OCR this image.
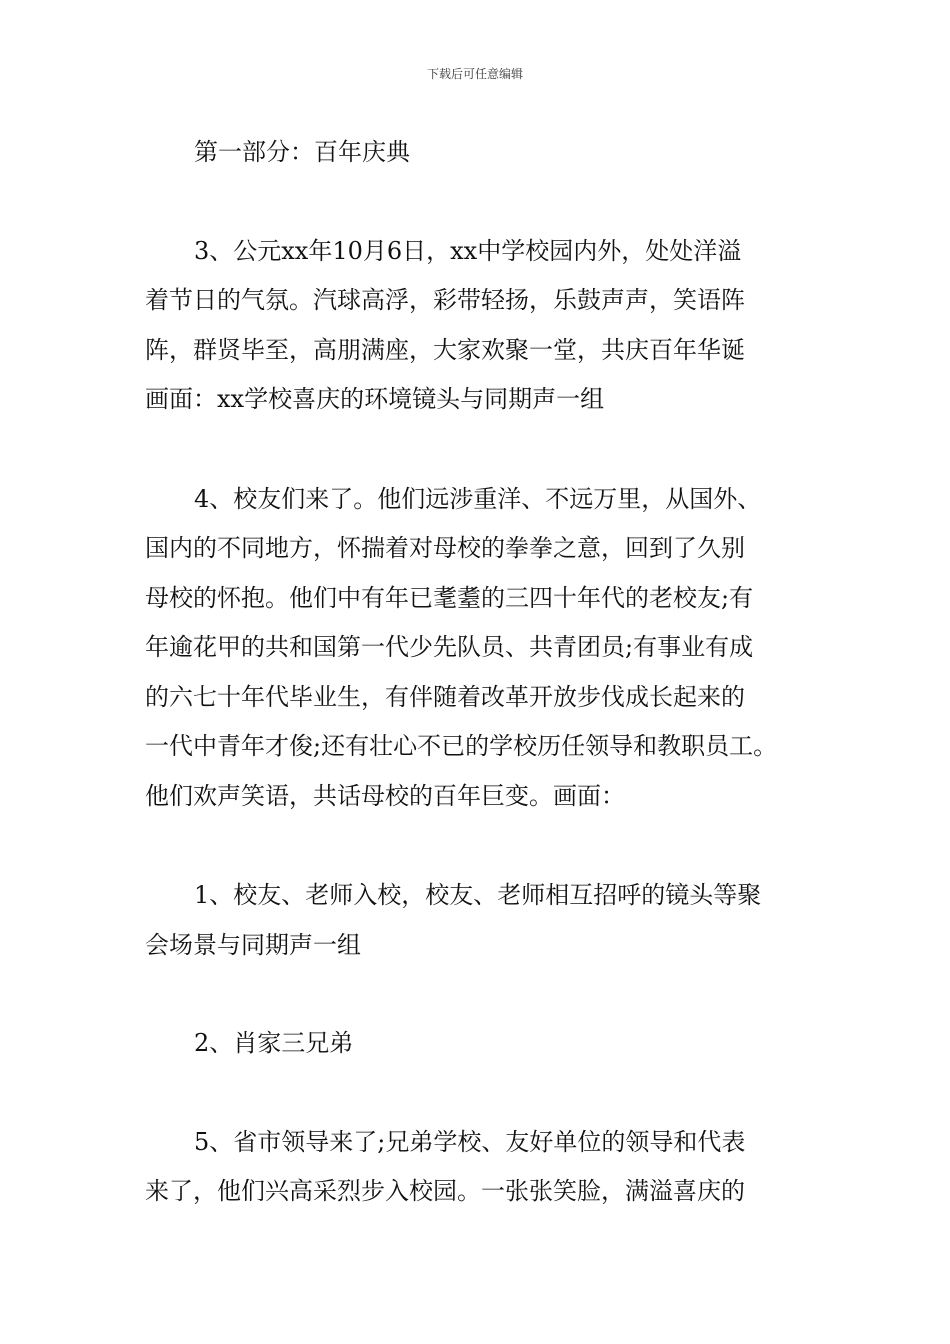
下载后可任意编辑

第一部分：百年庆典

3、公元xx年10月6日，xx中学校园内外，处处洋溢
着节日的气氛。汽球高浮，彩带轻扬，乐鼓声声，笑语阵
阵，群贤毕至，高朋满座，大家欢聚一堂，共庆百年华诞
画面：xx学校喜庆的环境镜头与同期声一组

4、校友们来了。他们远涉重洋、不远万里，从国外、
国内的不同地方，怀揣着对母校的拳拳之意，回到了久别
母校的怀抱。他们中有年已耄耋的三四十年代的老校友;有
年逾花甲的共和国第一代少先队员、共青团员;有事业有成
的六七十年代毕业生，有伴随着改革开放步伐成长起来的
一代中青年才俊;还有壮心不已的学校历任领导和教职员工。
他们欢声笑语，共话母校的百年巨变。画面：

1、校友、老师入校，校友、老师相互招呼的镜头等聚
会场景与同期声一组

2、肖家三兄弟

5、省市领导来了;兄弟学校、友好单位的领导和代表
来了，他们兴高采烈步入校园。一张张笑脸，满溢喜庆的
